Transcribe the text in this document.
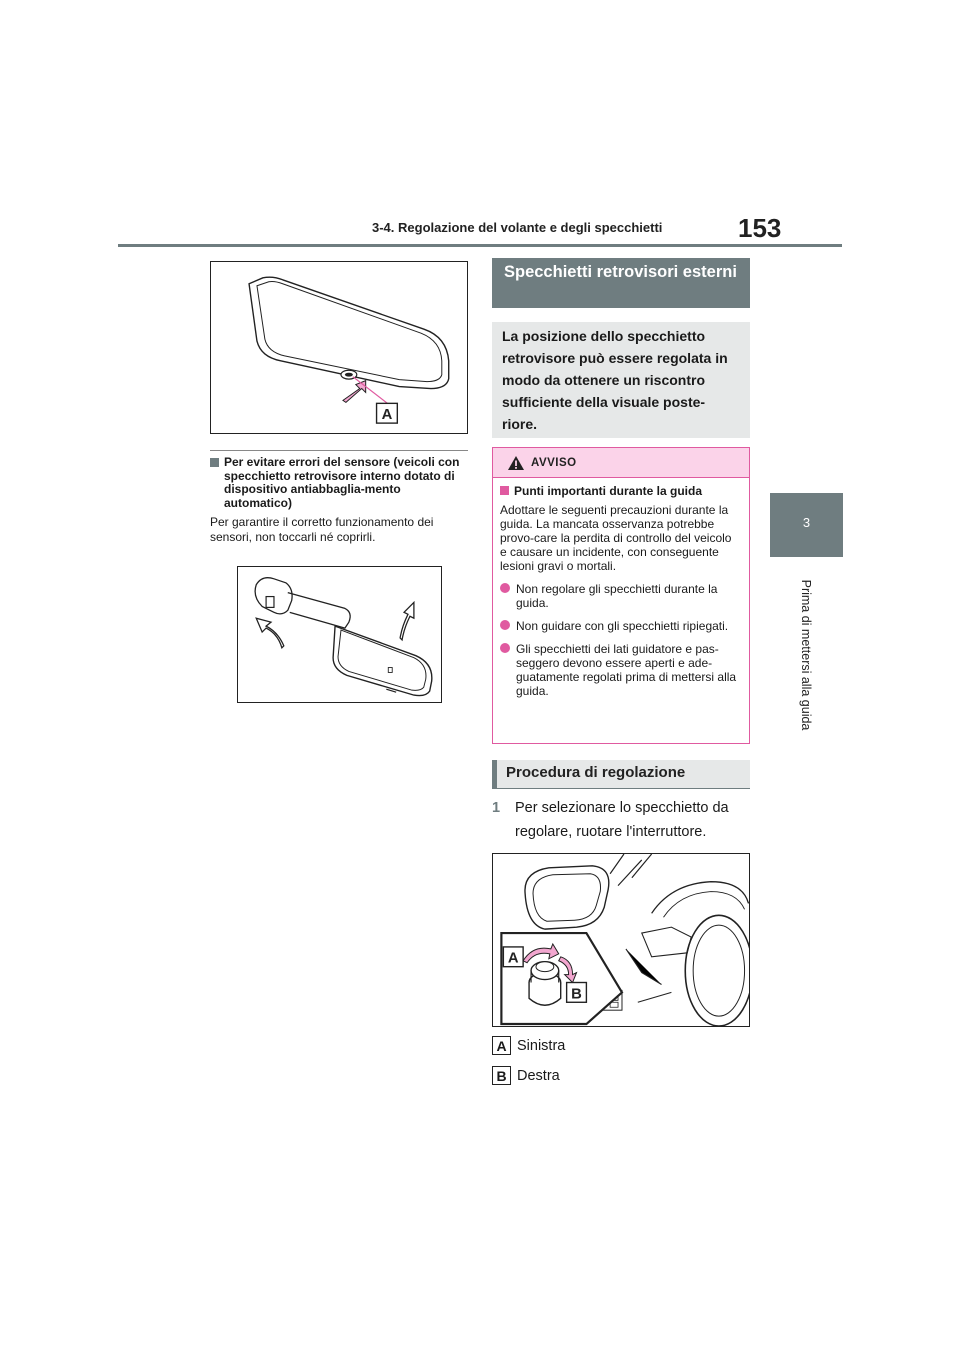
3-4. Regolazione del volante e degli specchietti	153
3
Prima di mettersi alla guida
A
Per evitare errori del sensore (veicoli con specchietto retrovisore interno dotato di dispositivo antiabbaglia-mento automatico)
Per garantire il corretto funzionamento dei sensori, non toccarli né coprirli.
Specchietti retrovisori esterni
La posizione dello specchietto retrovisore può essere regolata in modo da ottenere un riscontro sufficiente della visuale poste-riore.
AVVISO
Punti importanti durante la guida
Adottare le seguenti precauzioni durante la guida. La mancata osservanza potrebbe provo-care la perdita di controllo del veicolo e causare un incidente, con conseguente lesioni gravi o mortali.
Non regolare gli specchietti durante la guida.
Non guidare con gli specchietti ripiegati.
Gli specchietti dei lati guidatore e pas-seggero devono essere aperti e ade-guatamente regolati prima di mettersi alla guida.
Procedura di regolazione
1	Per selezionare lo specchietto da regolare, ruotare l'interruttore.
A
B
A Sinistra
B Destra
